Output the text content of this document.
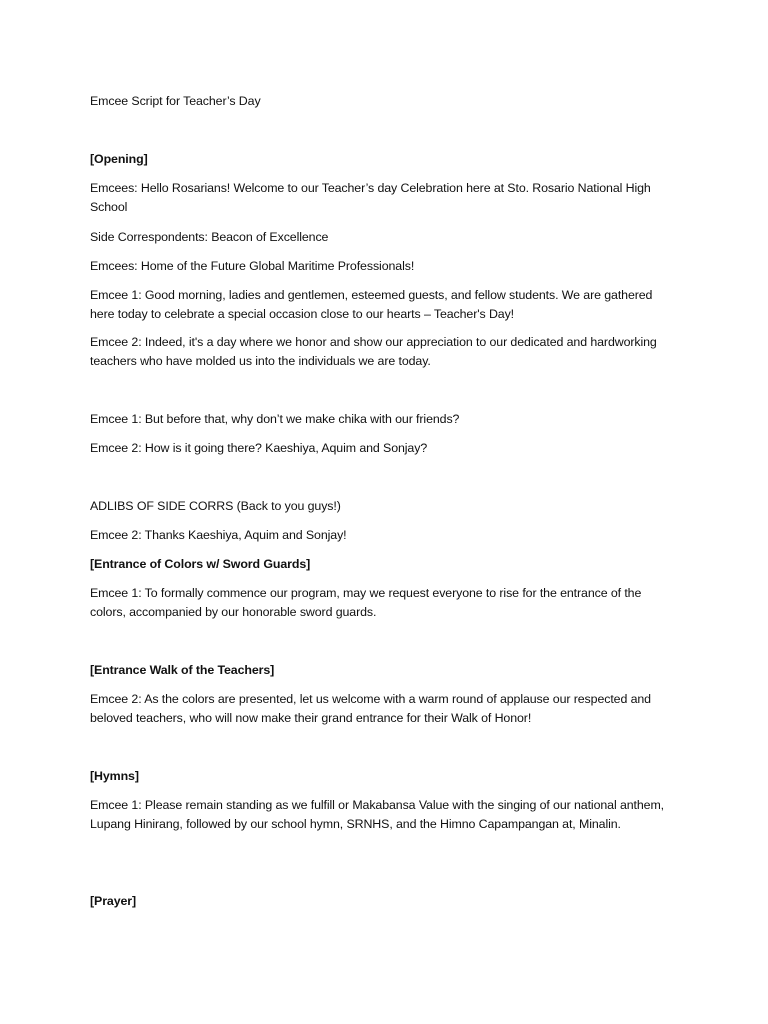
Emcee Script for Teacher’s Day
[Opening]
Emcees: Hello Rosarians! Welcome to our Teacher’s day Celebration here at Sto. Rosario National High School
Side Correspondents: Beacon of Excellence
Emcees: Home of the Future Global Maritime Professionals!
Emcee 1: Good morning, ladies and gentlemen, esteemed guests, and fellow students. We are gathered here today to celebrate a special occasion close to our hearts – Teacher's Day!
Emcee 2: Indeed, it's a day where we honor and show our appreciation to our dedicated and hardworking teachers who have molded us into the individuals we are today.
Emcee 1: But before that, why don’t we make chika with our friends?
Emcee 2: How is it going there? Kaeshiya, Aquim and Sonjay?
ADLIBS OF SIDE CORRS (Back to you guys!)
Emcee 2: Thanks Kaeshiya, Aquim and Sonjay!
[Entrance of Colors w/ Sword Guards]
Emcee 1: To formally commence our program, may we request everyone to rise for the entrance of the colors, accompanied by our honorable sword guards.
[Entrance Walk of the Teachers]
Emcee 2: As the colors are presented, let us welcome with a warm round of applause our respected and beloved teachers, who will now make their grand entrance for their Walk of Honor!
[Hymns]
Emcee 1: Please remain standing as we fulfill or Makabansa Value with the singing of our national anthem, Lupang Hinirang, followed by our school hymn, SRNHS, and the Himno Capampangan at, Minalin.
[Prayer]
